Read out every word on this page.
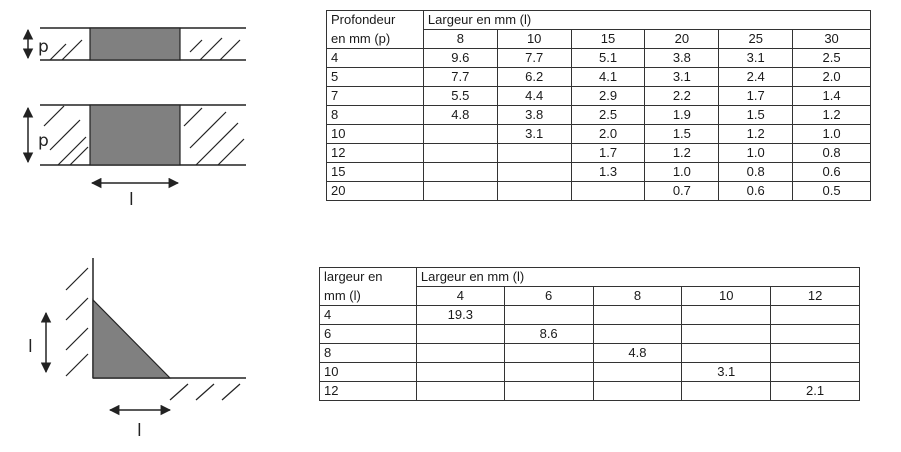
p
p
l
l
l
Profondeur	Largeur en mm (l)					
en mm (p)	8	10	15	20	25	30
4	9.6	7.7	5.1	3.8	3.1	2.5
5	7.7	6.2	4.1	3.1	2.4	2.0
7	5.5	4.4	2.9	2.2	1.7	1.4
8	4.8	3.8	2.5	1.9	1.5	1.2
10		3.1	2.0	1.5	1.2	1.0
12			1.7	1.2	1.0	0.8
15			1.3	1.0	0.8	0.6
20				0.7	0.6	0.5
largeur en	Largeur en mm (l)				
mm (l)	4	6	8	10	12
4	19.3				
6		8.6			
8			4.8		
10				3.1	
12					2.1
